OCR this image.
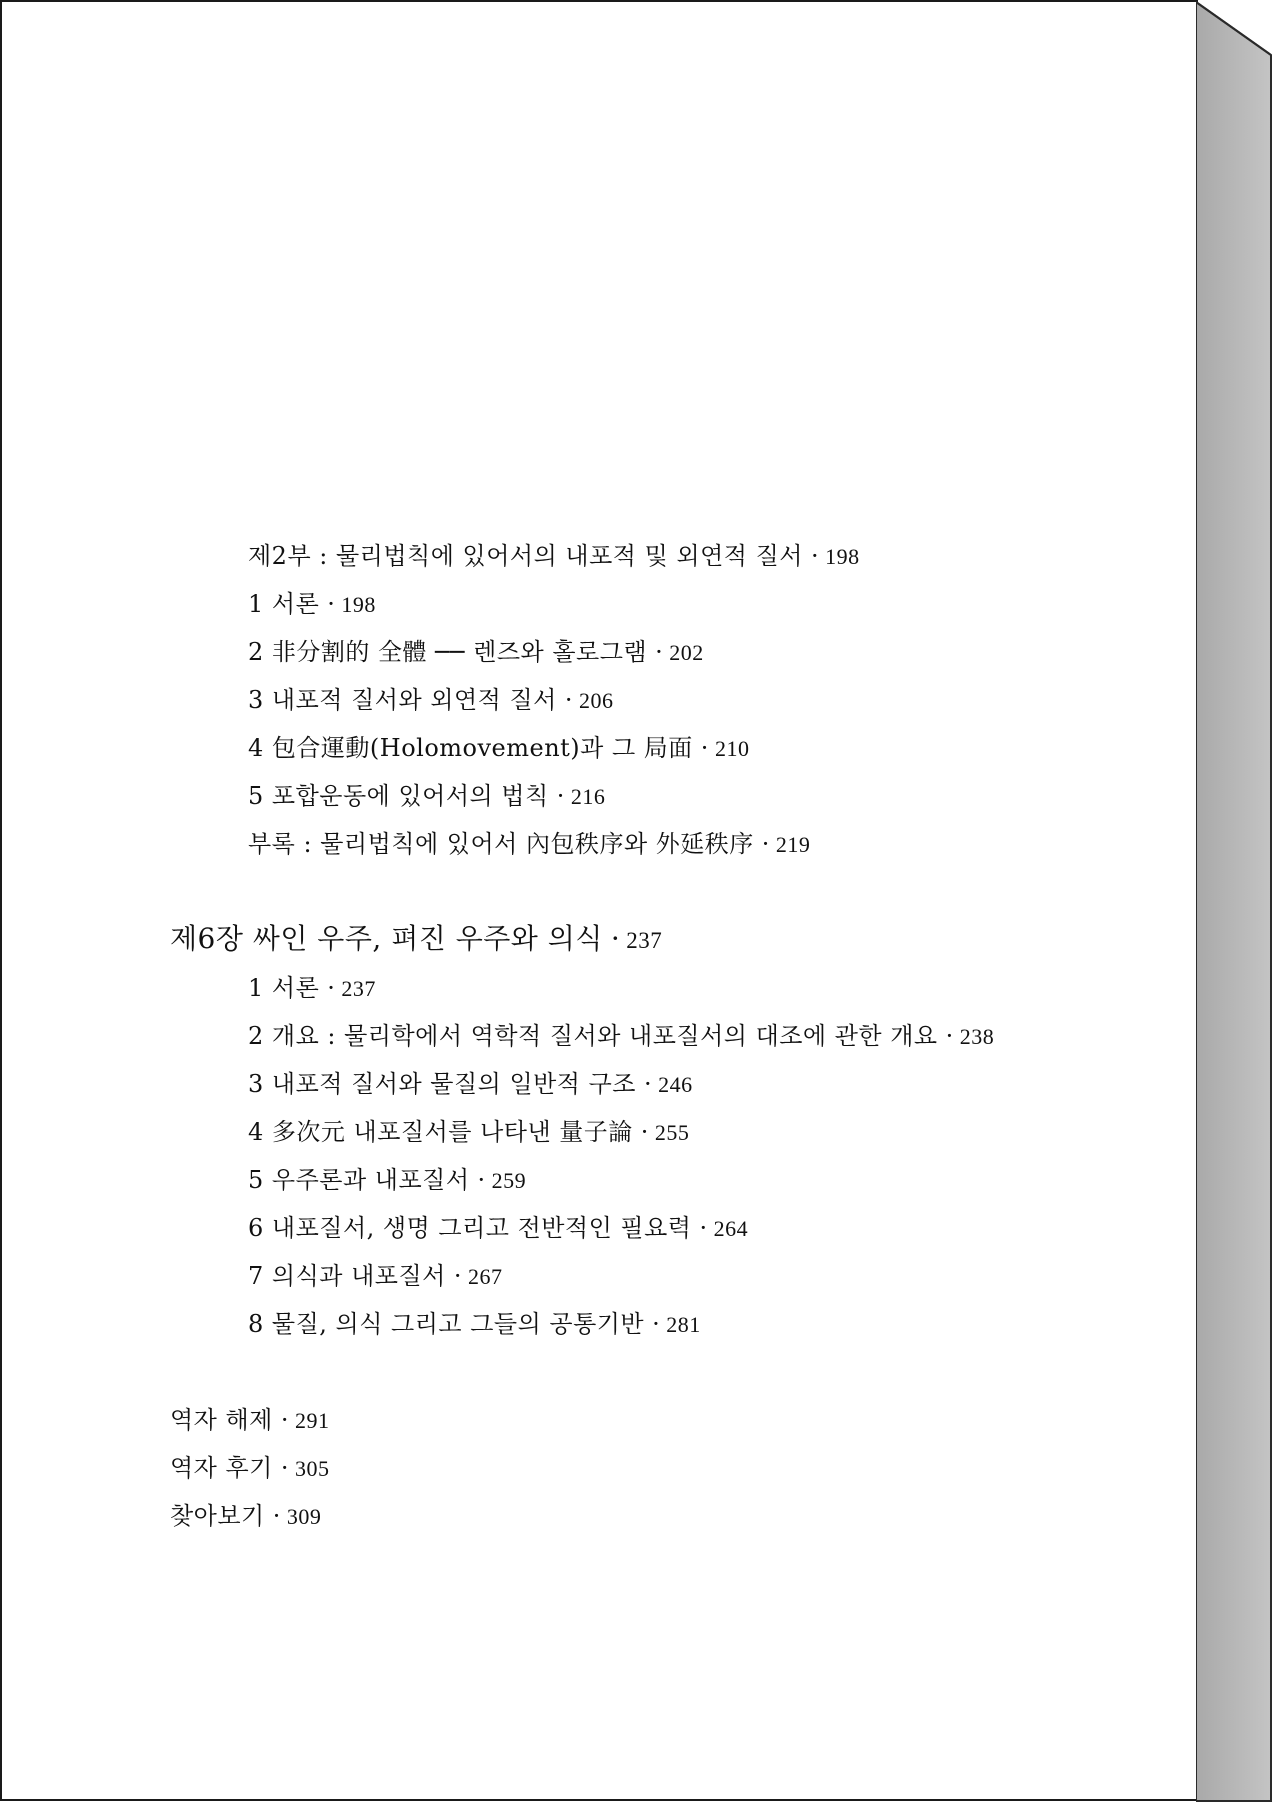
제2부 : 물리법칙에 있어서의 내포적 및 외연적 질서 · 198
1 서론 · 198
2 非分割的 全體 ── 렌즈와 홀로그램 · 202
3 내포적 질서와 외연적 질서 · 206
4 包合運動(Holomovement)과 그 局面 · 210
5 포합운동에 있어서의 법칙 · 216
부록 : 물리법칙에 있어서 內包秩序와 外延秩序 · 219
제6장 싸인 우주, 펴진 우주와 의식 · 237
1 서론 · 237
2 개요 : 물리학에서 역학적 질서와 내포질서의 대조에 관한 개요 · 238
3 내포적 질서와 물질의 일반적 구조 · 246
4 多次元 내포질서를 나타낸 量子論 · 255
5 우주론과 내포질서 · 259
6 내포질서, 생명 그리고 전반적인 필요력 · 264
7 의식과 내포질서 · 267
8 물질, 의식 그리고 그들의 공통기반 · 281
역자 해제 · 291
역자 후기 · 305
찾아보기 · 309
